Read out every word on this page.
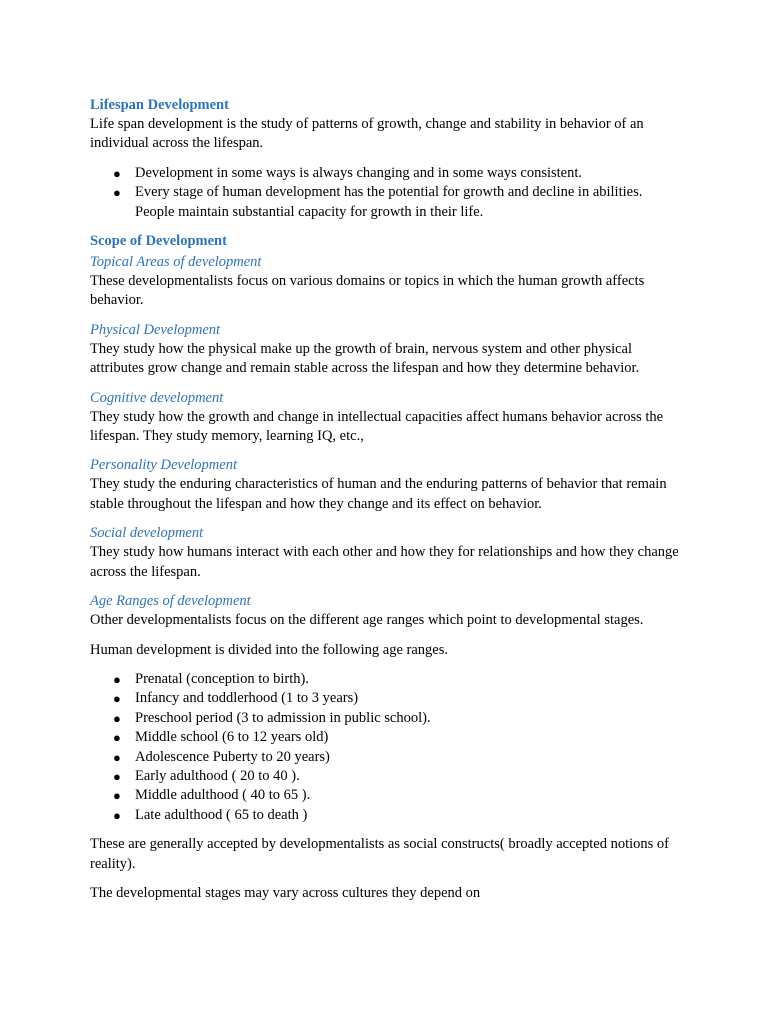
Lifespan Development

Life span development is the study of patterns of growth, change and stability in behavior of an individual across the lifespan.

● Development in some ways is always changing and in some ways consistent.
● Every stage of human development has the potential for growth and decline in abilities. People maintain substantial capacity for growth in their life.

Scope of Development

Topical Areas of development

These developmentalists focus on various domains or topics in which the human growth affects behavior.

Physical Development

They study how the physical make up the growth of brain, nervous system and other physical attributes grow change and remain stable across the lifespan and how they determine behavior.

Cognitive development

They study how the growth and change in intellectual capacities affect humans behavior across the lifespan. They study memory, learning IQ, etc.,

Personality Development

They study the enduring characteristics of human and the enduring patterns of behavior that remain stable throughout the lifespan and how they change and its effect on behavior.

Social development

They study how humans interact with each other and how they for relationships and how they change across the lifespan.

Age Ranges of development

Other developmentalists focus on the different age ranges which point to developmental stages.

Human development is divided into the following age ranges.

● Prenatal (conception to birth).
● Infancy and toddlerhood (1 to 3 years)
● Preschool period (3 to admission in public school).
● Middle school (6 to 12 years old)
● Adolescence Puberty to 20 years)
● Early adulthood ( 20 to 40 ).
● Middle adulthood ( 40 to 65 ).
● Late adulthood ( 65 to death )

These are generally accepted by developmentalists as social constructs( broadly accepted notions of reality).

The developmental stages may vary across cultures they depend on
